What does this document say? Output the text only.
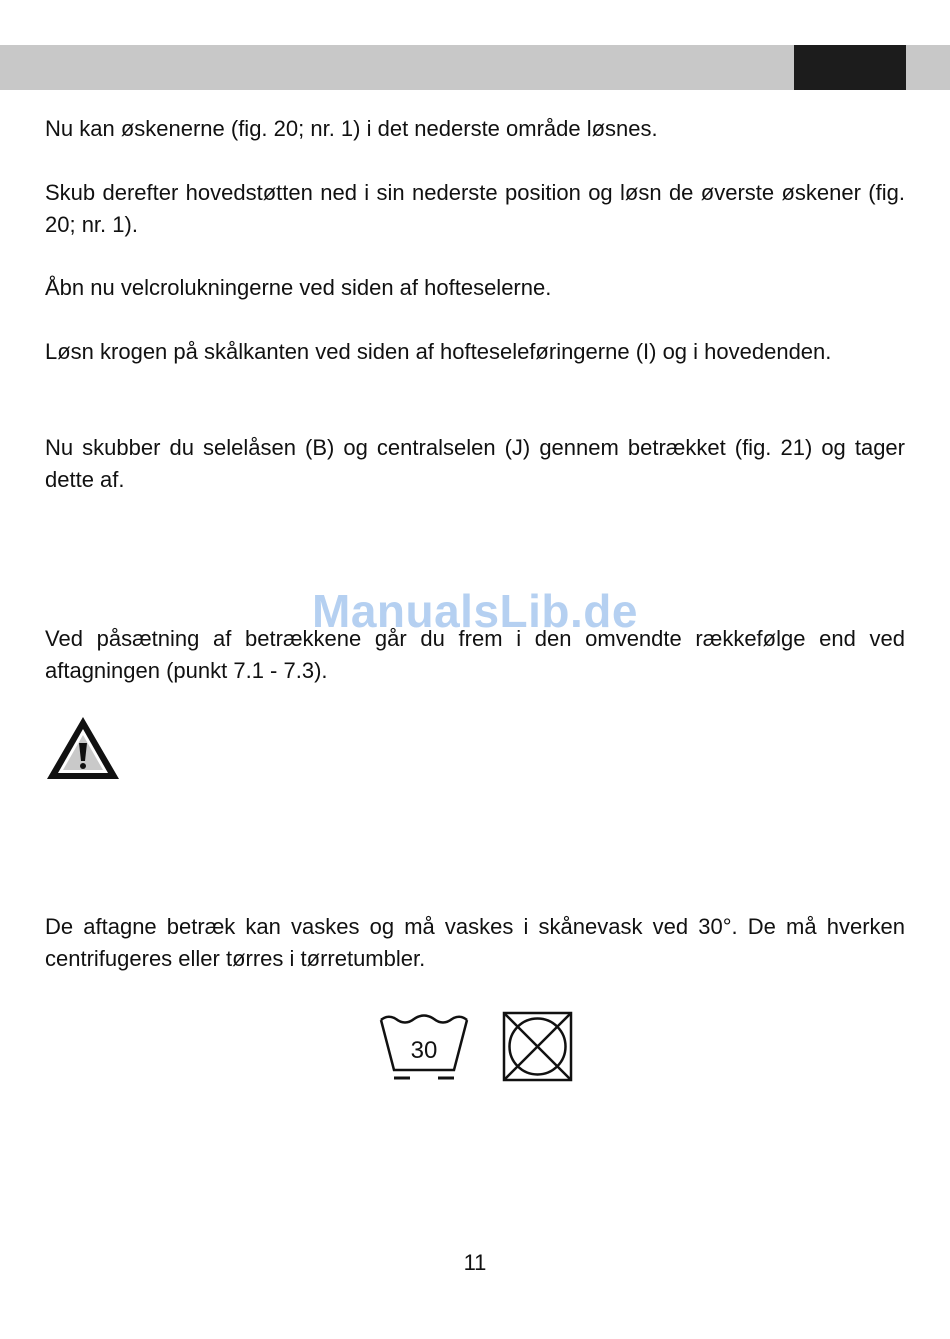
Nu kan øskenerne (fig. 20; nr. 1) i det nederste område løsnes.

Skub derefter hovedstøtten ned i sin nederste position og løsn de øverste øskener (fig. 20; nr. 1).

Åbn nu velcrolukningerne ved siden af hofteselerne.

Løsn krogen på skålkanten ved siden af hofteseleføringerne (I) og i hovedenden.

Nu skubber du selelåsen (B) og centralselen (J) gennem betrækket (fig. 21) og tager dette af.

Ved påsætning af betrækkene går du frem i den omvendte rækkefølge end ved aftagningen (punkt 7.1 - 7.3).

ManualsLib.de

De aftagne betræk kan vaskes og må vaskes i skånevask ved 30°. De må hverken centrifugeres eller tørres i tørretumbler.

30
11
